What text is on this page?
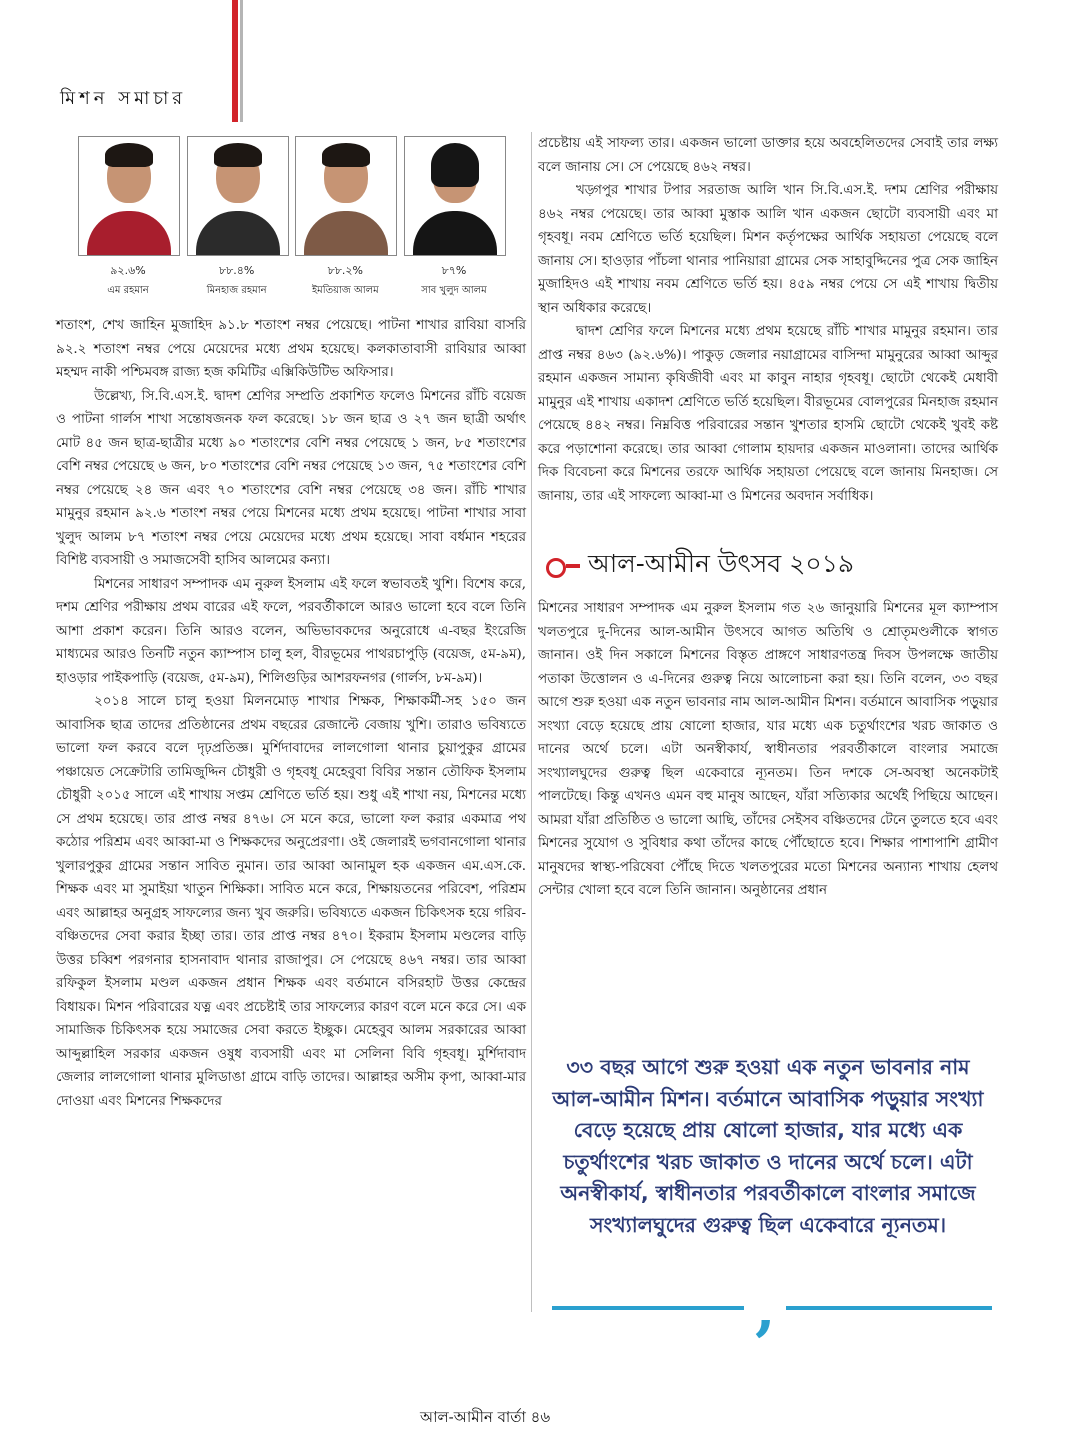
মিশন সমাচার
৯২.৬%
এম রহমান
৮৮.৪%
মিনহাজ রহমান
৮৮.২%
ইমতিয়াজ আলম
৮৭%
সাব খুলুদ আলম

শতাংশ, শেখ জাহিন মুজাহিদ ৯১.৮ শতাংশ নম্বর পেয়েছে। পাটনা শাখার রাবিয়া বাসরি ৯২.২ শতাংশ নম্বর পেয়ে মেয়েদের মধ্যে প্রথম হয়েছে। কলকাতাবাসী রাবিয়ার আব্বা মহম্মদ নাকী পশ্চিমবঙ্গ রাজ্য হজ কমিটির এক্সিকিউটিভ অফিসার।

উল্লেখ্য, সি.বি.এস.ই. দ্বাদশ শ্রেণির সম্প্রতি প্রকাশিত ফলেও মিশনের রাঁচি বয়েজ ও পাটনা গার্লস শাখা সন্তোষজনক ফল করেছে। ১৮ জন ছাত্র ও ২৭ জন ছাত্রী অর্থাৎ মোট ৪৫ জন ছাত্র-ছাত্রীর মধ্যে ৯০ শতাংশের বেশি নম্বর পেয়েছে ১ জন, ৮৫ শতাংশের বেশি নম্বর পেয়েছে ৬ জন, ৮০ শতাংশের বেশি নম্বর পেয়েছে ১৩ জন, ৭৫ শতাংশের বেশি নম্বর পেয়েছে ২৪ জন এবং ৭০ শতাংশের বেশি নম্বর পেয়েছে ৩৪ জন। রাঁচি শাখার মামুনুর রহমান ৯২.৬ শতাংশ নম্বর পেয়ে মিশনের মধ্যে প্রথম হয়েছে। পাটনা শাখার সাবা খুলুদ আলম ৮৭ শতাংশ নম্বর পেয়ে মেয়েদের মধ্যে প্রথম হয়েছে। সাবা বর্ধমান শহরের বিশিষ্ট ব্যবসায়ী ও সমাজসেবী হাসিব আলমের কন্যা।

মিশনের সাধারণ সম্পাদক এম নুরুল ইসলাম এই ফলে স্বভাবতই খুশি। বিশেষ করে, দশম শ্রেণির পরীক্ষায় প্রথম বারের এই ফলে, পরবর্তীকালে আরও ভালো হবে বলে তিনি আশা প্রকাশ করেন। তিনি আরও বলেন, অভিভাবকদের অনুরোধে এ-বছর ইংরেজি মাধ্যমের আরও তিনটি নতুন ক্যাম্পাস চালু হল, বীরভূমের পাথরচাপুড়ি (বয়েজ, ৫ম-৯ম), হাওড়ার পাইকপাড়ি (বয়েজ, ৫ম-৯ম), শিলিগুড়ির আশরফনগর (গার্লস, ৮ম-৯ম)।

২০১৪ সালে চালু হওয়া মিলনমোড় শাখার শিক্ষক, শিক্ষাকর্মী-সহ ১৫০ জন আবাসিক ছাত্র তাদের প্রতিষ্ঠানের প্রথম বছরের রেজাল্টে বেজায় খুশি। তারাও ভবিষ্যতে ভালো ফল করবে বলে দৃঢ়প্রতিজ্ঞ। মুর্শিদাবাদের লালগোলা থানার চুয়াপুকুর গ্রামের পঞ্চায়েত সেক্রেটারি তামিজুদ্দিন চৌধুরী ও গৃহবধূ মেহেবুবা বিবির সন্তান তৌফিক ইসলাম চৌধুরী ২০১৫ সালে এই শাখায় সপ্তম শ্রেণিতে ভর্তি হয়। শুধু এই শাখা নয়, মিশনের মধ্যে সে প্রথম হয়েছে। তার প্রাপ্ত নম্বর ৪৭৬। সে মনে করে, ভালো ফল করার একমাত্র পথ কঠোর পরিশ্রম এবং আব্বা-মা ও শিক্ষকদের অনুপ্রেরণা। ওই জেলারই ভগবানগোলা থানার খুলারপুকুর গ্রামের সন্তান সাবিত নুমান। তার আব্বা আনামুল হক একজন এম.এস.কে. শিক্ষক এবং মা সুমাইয়া খাতুন শিক্ষিকা। সাবিত মনে করে, শিক্ষায়তনের পরিবেশ, পরিশ্রম এবং আল্লাহর অনুগ্রহ সাফল্যের জন্য খুব জরুরি। ভবিষ্যতে একজন চিকিৎসক হয়ে গরিব-বঞ্চিতদের সেবা করার ইচ্ছা তার। তার প্রাপ্ত নম্বর ৪৭০। ইকরাম ইসলাম মণ্ডলের বাড়ি উত্তর চব্বিশ পরগনার হাসনাবাদ থানার রাজাপুর। সে পেয়েছে ৪৬৭ নম্বর। তার আব্বা রফিকুল ইসলাম মণ্ডল একজন প্রধান শিক্ষক এবং বর্তমানে বসিরহাট উত্তর কেন্দ্রের বিধায়ক। মিশন পরিবারের যত্ন এবং প্রচেষ্টাই তার সাফল্যের কারণ বলে মনে করে সে। এক সামাজিক চিকিৎসক হয়ে সমাজের সেবা করতে ইচ্ছুক। মেহেবুব আলম সরকারের আব্বা আব্দুল্লাহিল সরকার একজন ওষুধ ব্যবসায়ী এবং মা সেলিনা বিবি গৃহবধূ। মুর্শিদাবাদ জেলার লালগোলা থানার মুলিডাঙা গ্রামে বাড়ি তাদের। আল্লাহর অসীম কৃপা, আব্বা-মার দোওয়া এবং মিশনের শিক্ষকদের

প্রচেষ্টায় এই সাফল্য তার। একজন ভালো ডাক্তার হয়ে অবহেলিতদের সেবাই তার লক্ষ্য বলে জানায় সে। সে পেয়েছে ৪৬২ নম্বর।

খড়্গপুর শাখার টপার সরতাজ আলি খান সি.বি.এস.ই. দশম শ্রেণির পরীক্ষায় ৪৬২ নম্বর পেয়েছে। তার আব্বা মুস্তাক আলি খান একজন ছোটো ব্যবসায়ী এবং মা গৃহবধূ। নবম শ্রেণিতে ভর্তি হয়েছিল। মিশন কর্তৃপক্ষের আর্থিক সহায়তা পেয়েছে বলে জানায় সে। হাওড়ার পাঁচলা থানার পানিয়ারা গ্রামের সেক সাহাবুদ্দিনের পুত্র সেক জাহিন মুজাহিদও এই শাখায় নবম শ্রেণিতে ভর্তি হয়। ৪৫৯ নম্বর পেয়ে সে এই শাখায় দ্বিতীয় স্থান অধিকার করেছে।

দ্বাদশ শ্রেণির ফলে মিশনের মধ্যে প্রথম হয়েছে রাঁচি শাখার মামুনুর রহমান। তার প্রাপ্ত নম্বর ৪৬৩ (৯২.৬%)। পাকুড় জেলার নয়াগ্রামের বাসিন্দা মামুনুরের আব্বা আব্দুর রহমান একজন সামান্য কৃষিজীবী এবং মা কাবুন নাহার গৃহবধূ। ছোটো থেকেই মেধাবী মামুনুর এই শাখায় একাদশ শ্রেণিতে ভর্তি হয়েছিল। বীরভূমের বোলপুরের মিনহাজ রহমান পেয়েছে ৪৪২ নম্বর। নিম্নবিত্ত পরিবারের সন্তান খুশতার হাসমি ছোটো থেকেই খুবই কষ্ট করে পড়াশোনা করেছে। তার আব্বা গোলাম হায়দার একজন মাওলানা। তাদের আর্থিক দিক বিবেচনা করে মিশনের তরফে আর্থিক সহায়তা পেয়েছে বলে জানায় মিনহাজ। সে জানায়, তার এই সাফল্যে আব্বা-মা ও মিশনের অবদান সর্বাধিক।

আল-আমীন উৎসব ২০১৯

মিশনের সাধারণ সম্পাদক এম নুরুল ইসলাম গত ২৬ জানুয়ারি মিশনের মূল ক্যাম্পাস খলতপুরে দু-দিনের আল-আমীন উৎসবে আগত অতিথি ও শ্রোতৃমণ্ডলীকে স্বাগত জানান। ওই দিন সকালে মিশনের বিস্তৃত প্রাঙ্গণে সাধারণতন্ত্র দিবস উপলক্ষে জাতীয় পতাকা উত্তোলন ও এ-দিনের গুরুত্ব নিয়ে আলোচনা করা হয়। তিনি বলেন, ৩৩ বছর আগে শুরু হওয়া এক নতুন ভাবনার নাম আল-আমীন মিশন। বর্তমানে আবাসিক পড়ুয়ার সংখ্যা বেড়ে হয়েছে প্রায় ষোলো হাজার, যার মধ্যে এক চতুর্থাংশের খরচ জাকাত ও দানের অর্থে চলে। এটা অনস্বীকার্য, স্বাধীনতার পরবর্তীকালে বাংলার সমাজে সংখ্যালঘুদের গুরুত্ব ছিল একেবারে ন্যূনতম। তিন দশকে সে-অবস্থা অনেকটাই পালটেছে। কিন্তু এখনও এমন বহু মানুষ আছেন, যাঁরা সত্যিকার অর্থেই পিছিয়ে আছেন। আমরা যাঁরা প্রতিষ্ঠিত ও ভালো আছি, তাঁদের সেইসব বঞ্চিতদের টেনে তুলতে হবে এবং মিশনের সুযোগ ও সুবিধার কথা তাঁদের কাছে পৌঁছোতে হবে। শিক্ষার পাশাপাশি গ্রামীণ মানুষদের স্বাস্থ্য-পরিষেবা পৌঁছে দিতে খলতপুরের মতো মিশনের অন্যান্য শাখায় হেলথ সেন্টার খোলা হবে বলে তিনি জানান। অনুষ্ঠানের প্রধান

৩৩ বছর আগে শুরু হওয়া এক নতুন ভাবনার নাম আল-আমীন মিশন। বর্তমানে আবাসিক পড়ুয়ার সংখ্যা বেড়ে হয়েছে প্রায় ষোলো হাজার, যার মধ্যে এক চতুর্থাংশের খরচ জাকাত ও দানের অর্থে চলে। এটা অনস্বীকার্য, স্বাধীনতার পরবর্তীকালে বাংলার সমাজে সংখ্যালঘুদের গুরুত্ব ছিল একেবারে ন্যূনতম।
‚
আল-আমীন বার্তা ৪৬
